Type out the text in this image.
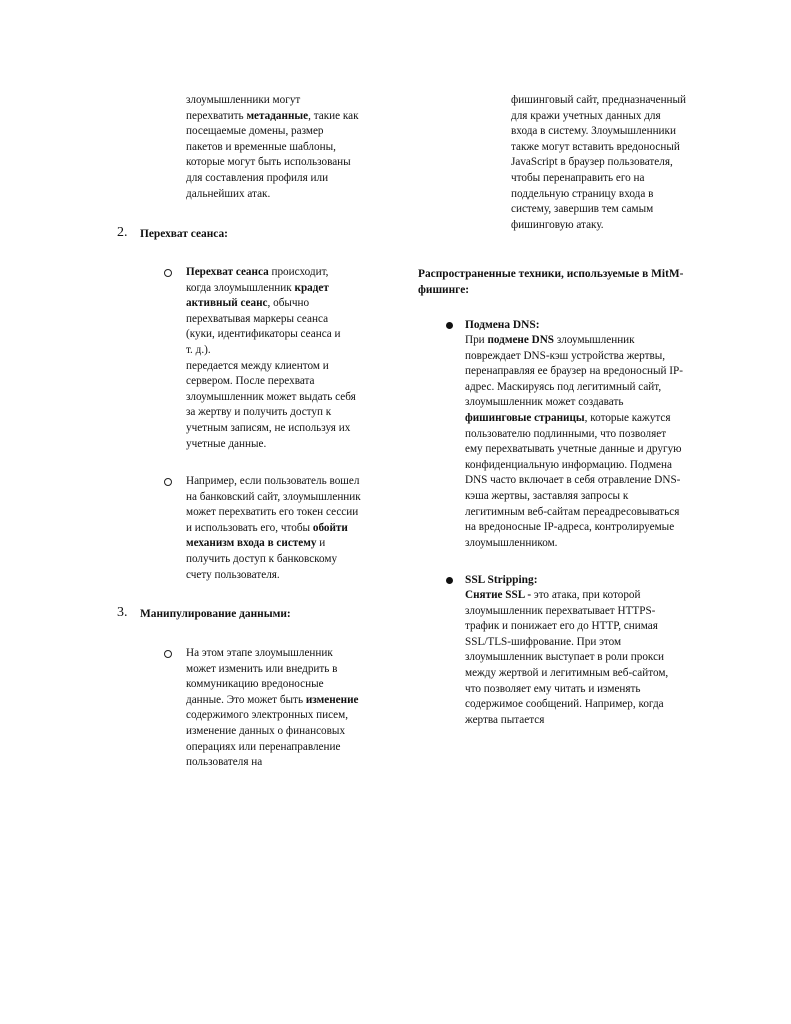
злоумышленники могут
перехватить метаданные, такие как
посещаемые домены, размер
пакетов и временные шаблоны,
которые могут быть использованы
для составления профиля или
дальнейших атак.
2. Перехват сеанса:
Перехват сеанса происходит,
когда злоумышленник крадет
активный сеанс, обычно
перехватывая маркеры сеанса
(куки, идентификаторы сеанса и
т. д.).
передается между клиентом и
сервером. После перехвата
злоумышленник может выдать себя
за жертву и получить доступ к
учетным записям, не используя их
учетные данные.
Например, если пользователь вошел
на банковский сайт, злоумышленник
может перехватить его токен сессии
и использовать его, чтобы обойти
механизм входа в систему и
получить доступ к банковскому
счету пользователя.
3. Манипулирование данными:
На этом этапе злоумышленник
может изменить или внедрить в
коммуникацию вредоносные
данные. Это может быть изменение
содержимого электронных писем,
изменение данных о финансовых
операциях или перенаправление
пользователя на
фишинговый сайт, предназначенный
для кражи учетных данных для
входа в систему. Злоумышленники
также могут вставить вредоносный
JavaScript в браузер пользователя,
чтобы перенаправить его на
поддельную страницу входа в
систему, завершив тем самым
фишинговую атаку.
Распространенные техники, используемые в MitM-
фишинге:
Подмена DNS:
При подмене DNS злоумышленник
повреждает DNS-кэш устройства жертвы,
перенаправляя ее браузер на вредоносный IP-
адрес. Маскируясь под легитимный сайт,
злоумышленник может создавать
фишинговые страницы, которые кажутся
пользователю подлинными, что позволяет
ему перехватывать учетные данные и другую
конфиденциальную информацию. Подмена
DNS часто включает в себя отравление DNS-
кэша жертвы, заставляя запросы к
легитимным веб-сайтам переадресовываться
на вредоносные IP-адреса, контролируемые
злоумышленником.
SSL Stripping:
Снятие SSL - это атака, при которой
злоумышленник перехватывает HTTPS-
трафик и понижает его до HTTP, снимая
SSL/TLS-шифрование. При этом
злоумышленник выступает в роли прокси
между жертвой и легитимным веб-сайтом,
что позволяет ему читать и изменять
содержимое сообщений. Например, когда
жертва пытается
